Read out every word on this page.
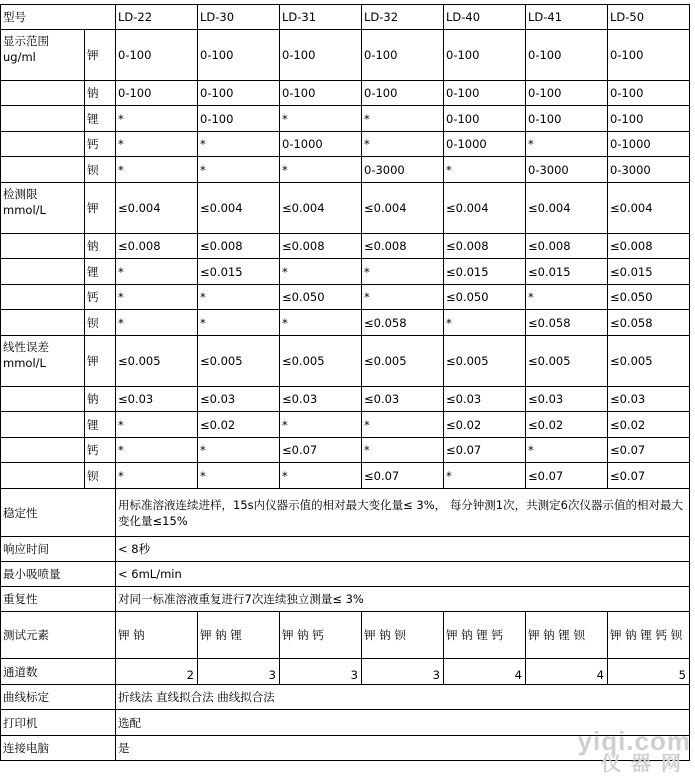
型号		LD-22	LD-30	LD-31	LD-32	LD-40	LD-41	LD-50
显示范围
ug/ml	钾	0-100	0-100	0-100	0-100	0-100	0-100	0-100
	钠	0-100	0-100	0-100	0-100	0-100	0-100	0-100
	锂	*	0-100	*	*	0-100	0-100	0-100
	钙	*	*	0-1000	*	0-1000	*	0-1000
	钡	*	*	*	0-3000	*	0-3000	0-3000
检测限
mmol/L	钾	≤0.004	≤0.004	≤0.004	≤0.004	≤0.004	≤0.004	≤0.004
	钠	≤0.008	≤0.008	≤0.008	≤0.008	≤0.008	≤0.008	≤0.008
	锂	*	≤0.015	*	*	≤0.015	≤0.015	≤0.015
	钙	*	*	≤0.050	*	≤0.050	*	≤0.050
	钡	*	*	*	≤0.058	*	≤0.058	≤0.058
线性误差
mmol/L	钾	≤0.005	≤0.005	≤0.005	≤0.005	≤0.005	≤0.005	≤0.005
	钠	≤0.03	≤0.03	≤0.03	≤0.03	≤0.03	≤0.03	≤0.03
	锂	*	≤0.02	*	*	≤0.02	≤0.02	≤0.02
	钙	*	*	≤0.07	*	≤0.07	*	≤0.07
	钡	*	*	*	≤0.07	*	≤0.07	≤0.07
稳定性		用标准溶液连续进样，15s内仪器示值的相对最大变化量≤ 3%， 每分钟测1次，共测定6次仪器示值的相对最大变化量≤15%						
响应时间		< 8秒						
最小吸喷量		< 6mL/min						
重复性		对同一标准溶液重复进行7次连续独立测量≤ 3%						
测试元素		钾 钠	钾 钠 锂	钾 钠 钙	钾 钠 钡	钾 钠 锂 钙	钾 钠 锂 钡	钾 钠 锂 钙 钡
通道数		2	3	3	3	4	4	5
曲线标定		折线法 直线拟合法 曲线拟合法						
打印机		选配						
连接电脑		是							yiqi.com
仪器网
